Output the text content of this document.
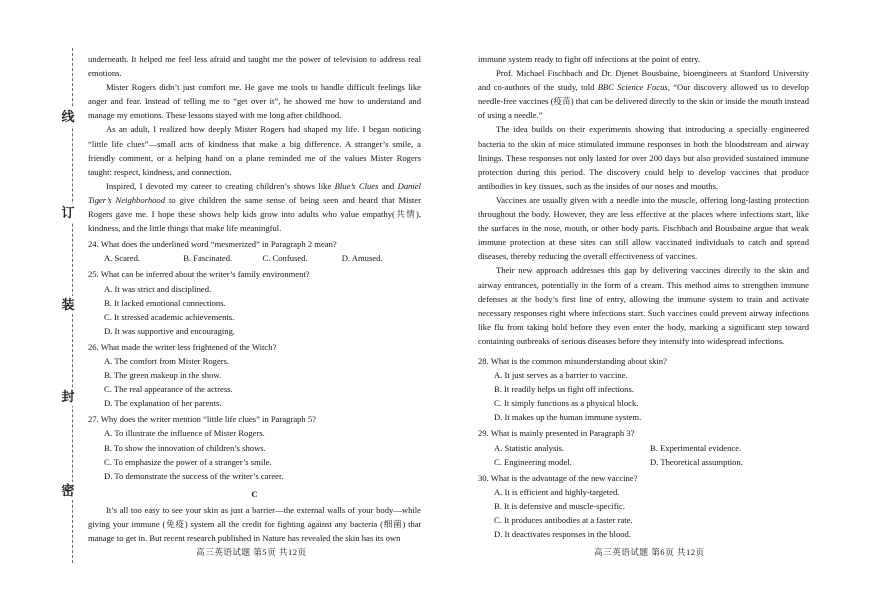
线
订
装
封
密

underneath. It helped me feel less afraid and taught me the power of television to address real emotions.

Mister Rogers didn’t just comfort me. He gave me tools to handle difficult feelings like anger and fear. Instead of telling me to “get over it”, he showed me how to understand and manage my emotions. These lessons stayed with me long after childhood.

As an adult, I realized how deeply Mister Rogers had shaped my life. I began noticing “little life clues”—small acts of kindness that make a big difference. A stranger’s smile, a friendly comment, or a helping hand on a plane reminded me of the values Mister Rogers taught: respect, kindness, and connection.

Inspired, I devoted my career to creating children’s shows like Blue’s Clues and Daniel Tiger’s Neighborhood to give children the same sense of being seen and heard that Mister Rogers gave me. I hope these shows help kids grow into adults who value empathy(共情), kindness, and the little things that make life meaningful.

24. What does the underlined word “mesmerized” in Paragraph 2 mean?
A. Scared.	B. Fascinated.	C. Confused.	D. Amused.
25. What can be inferred about the writer’s family environment?
A. It was strict and disciplined.
B. It lacked emotional connections.
C. It stressed academic achievements.
D. It was supportive and encouraging.
26. What made the writer less frightened of the Witch?
A. The comfort from Mister Rogers.
B. The green makeup in the show.
C. The real appearance of the actress.
D. The explanation of her parents.
27. Why does the writer mention “little life clues” in Paragraph 5?
A. To illustrate the influence of Mister Rogers.
B. To show the innovation of children’s shows.
C. To emphasize the power of a stranger’s smile.
D. To demonstrate the success of the writer’s career.
C

It’s all too easy to see your skin as just a barrier—the external walls of your body—while giving your immune (免疫) system all the credit for fighting against any bacteria (细菌) that manage to get in. But recent research published in Nature has revealed the skin has its own

immune system ready to fight off infections at the point of entry.

Prof. Michael Fischbach and Dr. Djenet Bousbaine, bioengineers at Stanford University and co-authors of the study, told BBC Science Focus, “Our discovery allowed us to develop needle-free vaccines (疫苗) that can be delivered directly to the skin or inside the mouth instead of using a needle.”

The idea builds on their experiments showing that introducing a specially engineered bacteria to the skin of mice stimulated immune responses in both the bloodstream and airway linings. These responses not only lasted for over 200 days but also provided sustained immune protection during this period. The discovery could help to develop vaccines that produce antibodies in key tissues, such as the insides of our noses and mouths.

Vaccines are usually given with a needle into the muscle, offering long-lasting protection throughout the body. However, they are less effective at the places where infections start, like the surfaces in the nose, mouth, or other body parts. Fischbach and Bousbaine argue that weak immune protection at these sites can still allow vaccinated individuals to catch and spread diseases, thereby reducing the overall effectiveness of vaccines.

Their new approach addresses this gap by delivering vaccines directly to the skin and airway entrances, potentially in the form of a cream. This method aims to strengthen immune defenses at the body’s first line of entry, allowing the immune system to train and activate necessary responses right where infections start. Such vaccines could prevent airway infections like flu from taking hold before they even enter the body, marking a significant step toward containing outbreaks of serious diseases before they intensify into widespread infections.

28. What is the common misunderstanding about skin?
A. It just serves as a barrier to vaccine.
B. It readily helps us fight off infections.
C. It simply functions as a physical block.
D. It makes up the human immune system.
29. What is mainly presented in Paragraph 3?
A. Statistic analysis.	B. Experimental evidence.
C. Engineering model.	D. Theoretical assumption.
30. What is the advantage of the new vaccine?
A. It is efficient and highly-targeted.
B. It is defensive and muscle-specific.
C. It produces antibodies at a faster rate.
D. It deactivates responses in the blood.
高三英语试题 第5页 共12页	高三英语试题 第6页 共12页
